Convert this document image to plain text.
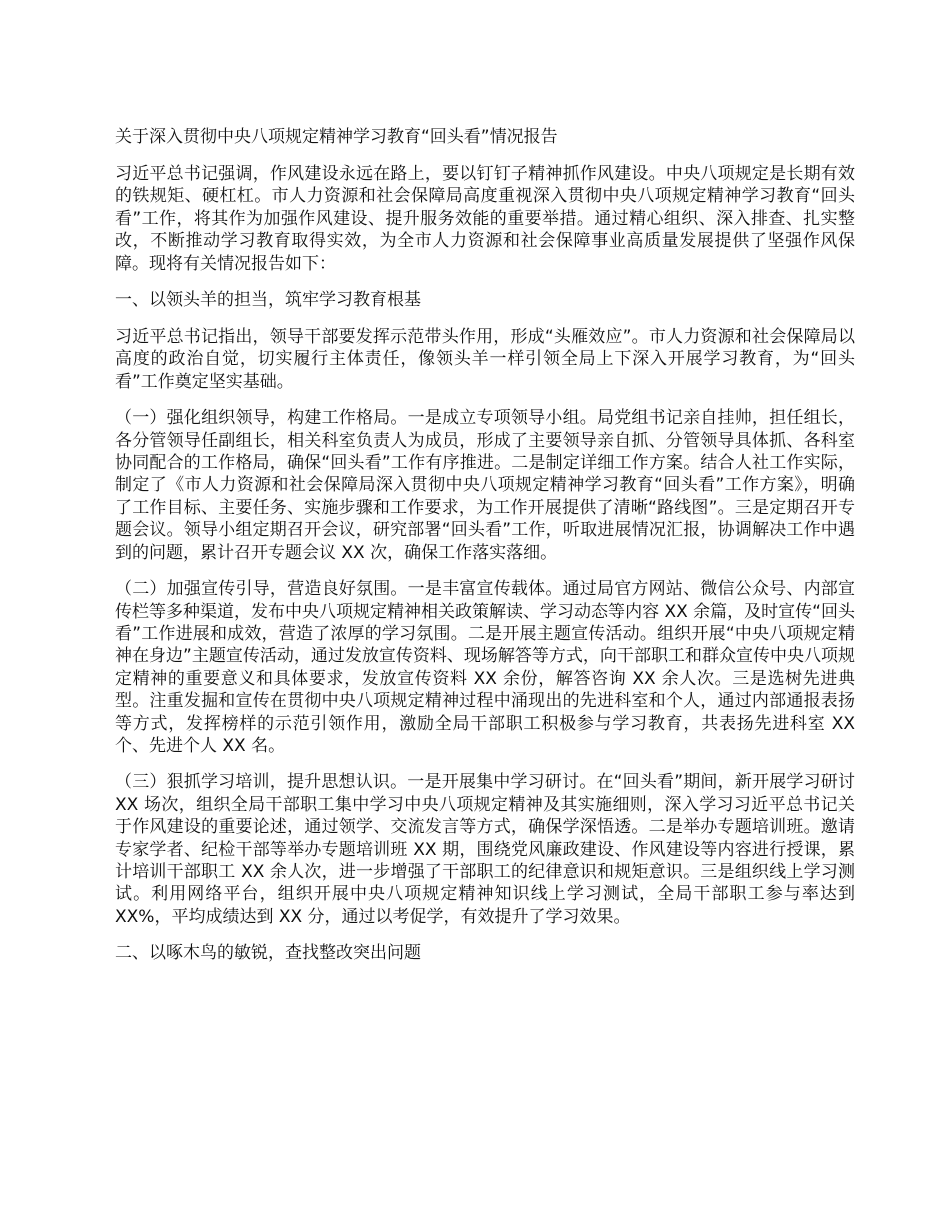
关于深入贯彻中央八项规定精神学习教育“回头看”情况报告

习近平总书记强调，作风建设永远在路上，要以钉钉子精神抓作风建设。中央八项规定是长期有效的铁规矩、硬杠杠。市人力资源和社会保障局高度重视深入贯彻中央八项规定精神学习教育“回头看”工作，将其作为加强作风建设、提升服务效能的重要举措。通过精心组织、深入排查、扎实整改，不断推动学习教育取得实效，为全市人力资源和社会保障事业高质量发展提供了坚强作风保障。现将有关情况报告如下：

一、以领头羊的担当，筑牢学习教育根基

习近平总书记指出，领导干部要发挥示范带头作用，形成“头雁效应”。市人力资源和社会保障局以高度的政治自觉，切实履行主体责任，像领头羊一样引领全局上下深入开展学习教育，为“回头看”工作奠定坚实基础。

（一）强化组织领导，构建工作格局。一是成立专项领导小组。局党组书记亲自挂帅，担任组长，各分管领导任副组长，相关科室负责人为成员，形成了主要领导亲自抓、分管领导具体抓、各科室协同配合的工作格局，确保“回头看”工作有序推进。二是制定详细工作方案。结合人社工作实际，制定了《市人力资源和社会保障局深入贯彻中央八项规定精神学习教育“回头看”工作方案》，明确了工作目标、主要任务、实施步骤和工作要求，为工作开展提供了清晰“路线图”。三是定期召开专题会议。领导小组定期召开会议，研究部署“回头看”工作，听取进展情况汇报，协调解决工作中遇到的问题，累计召开专题会议 XX 次，确保工作落实落细。

（二）加强宣传引导，营造良好氛围。一是丰富宣传载体。通过局官方网站、微信公众号、内部宣传栏等多种渠道，发布中央八项规定精神相关政策解读、学习动态等内容 XX 余篇，及时宣传“回头看”工作进展和成效，营造了浓厚的学习氛围。二是开展主题宣传活动。组织开展“中央八项规定精神在身边”主题宣传活动，通过发放宣传资料、现场解答等方式，向干部职工和群众宣传中央八项规定精神的重要意义和具体要求，发放宣传资料 XX 余份，解答咨询 XX 余人次。三是选树先进典型。注重发掘和宣传在贯彻中央八项规定精神过程中涌现出的先进科室和个人，通过内部通报表扬等方式，发挥榜样的示范引领作用，激励全局干部职工积极参与学习教育，共表扬先进科室 XX 个、先进个人 XX 名。

（三）狠抓学习培训，提升思想认识。一是开展集中学习研讨。在“回头看”期间，新开展学习研讨 XX 场次，组织全局干部职工集中学习中央八项规定精神及其实施细则，深入学习习近平总书记关于作风建设的重要论述，通过领学、交流发言等方式，确保学深悟透。二是举办专题培训班。邀请专家学者、纪检干部等举办专题培训班 XX 期，围绕党风廉政建设、作风建设等内容进行授课，累计培训干部职工 XX 余人次，进一步增强了干部职工的纪律意识和规矩意识。三是组织线上学习测试。利用网络平台，组织开展中央八项规定精神知识线上学习测试，全局干部职工参与率达到 XX%，平均成绩达到 XX 分，通过以考促学，有效提升了学习效果。

二、以啄木鸟的敏锐，查找整改突出问题
